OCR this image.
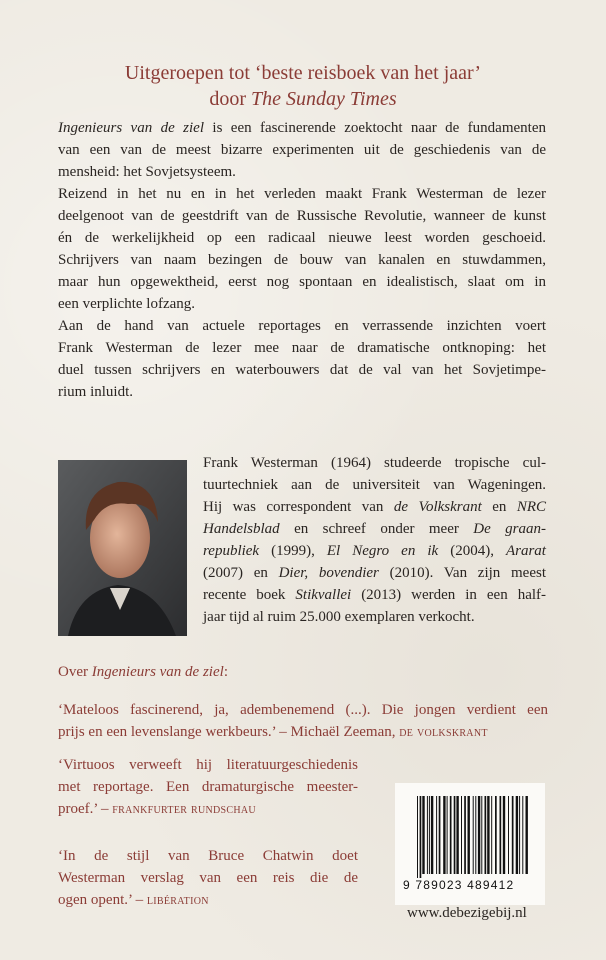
Uitgeroepen tot ‘beste reisboek van het jaar’
door The Sunday Times
Ingenieurs van de ziel is een fascinerende zoektocht naar de fundamenten
van een van de meest bizarre experimenten uit de geschiedenis van de
mensheid: het Sovjetsysteem.
Reizend in het nu en in het verleden maakt Frank Westerman de lezer
deelgenoot van de geestdrift van de Russische Revolutie, wanneer de kunst
én de werkelijkheid op een radicaal nieuwe leest worden geschoeid.
Schrijvers van naam bezingen de bouw van kanalen en stuwdammen,
maar hun opgewektheid, eerst nog spontaan en idealistisch, slaat om in
een verplichte lofzang.
Aan de hand van actuele reportages en verrassende inzichten voert
Frank Westerman de lezer mee naar de dramatische ontknoping: het
duel tussen schrijvers en waterbouwers dat de val van het Sovjetimpe-
rium inluidt.
Frank Westerman (1964) studeerde tropische cul-
tuurtechniek aan de universiteit van Wageningen.
Hij was correspondent van de Volkskrant en NRC
Handelsblad en schreef onder meer De graan-
republiek (1999), El Negro en ik (2004), Ararat
(2007) en Dier, bovendier (2010). Van zijn meest
recente boek Stikvallei (2013) werden in een half-
jaar tijd al ruim 25.000 exemplaren verkocht.
Over Ingenieurs van de ziel:
‘Mateloos fascinerend, ja, adembenemend (...). Die jongen verdient een
prijs en een levenslange werkbeurs.’ – Michaël Zeeman, de volkskrant
‘Virtuoos verweeft hij literatuurgeschiedenis
met reportage. Een dramaturgische meester-
proef.’ – frankfurter rundschau
‘In de stijl van Bruce Chatwin doet
Westerman verslag van een reis die de
ogen opent.’ – libération
9 789023 489412
www.debezigebij.nl
